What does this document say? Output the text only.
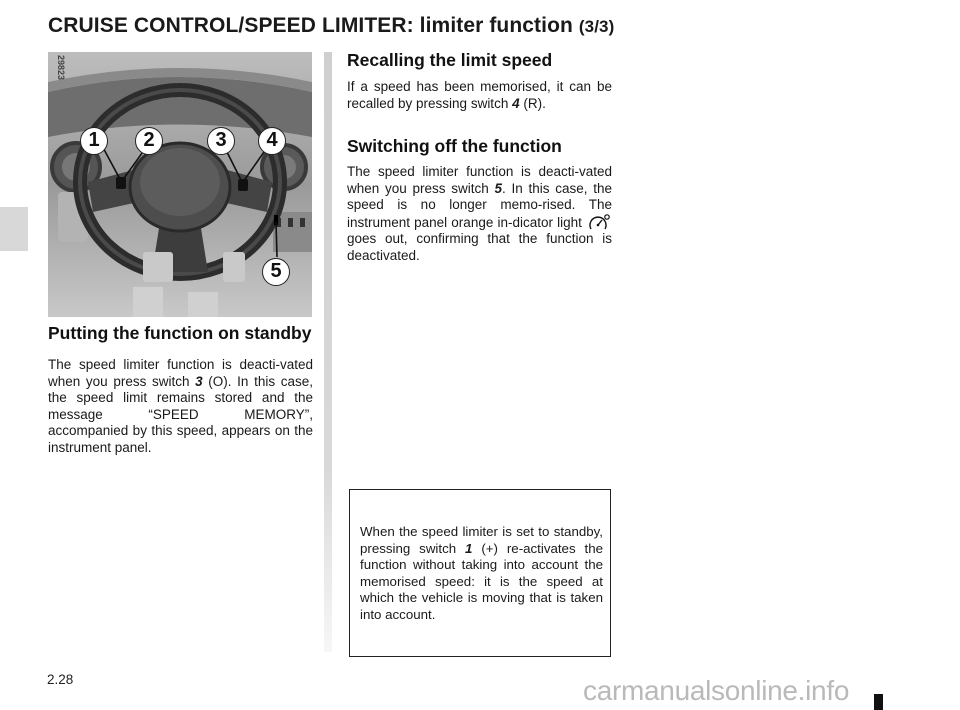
CRUISE CONTROL/SPEED LIMITER: limiter function (3/3)
29823
1	2	3	4
5
Putting the function on standby

The speed limiter function is deacti-vated when you press switch 3 (O). In this case, the speed limit remains stored and the message “SPEED MEMORY”, accompanied by this speed, appears on the instrument panel.

Recalling the limit speed

If a speed has been memorised, it can be recalled by pressing switch 4 (R).

Switching off the function

The speed limiter function is deacti-vated when you press switch 5. In this case, the speed is no longer memo-rised. The instrument panel orange in-dicator light  goes out, confirming that the function is deactivated.

When the speed limiter is set to standby, pressing switch 1 (+) re-activates the function without taking into account the memorised speed: it is the speed at which the vehicle is moving that is taken into account.

2.28	carmanualsonline.info
